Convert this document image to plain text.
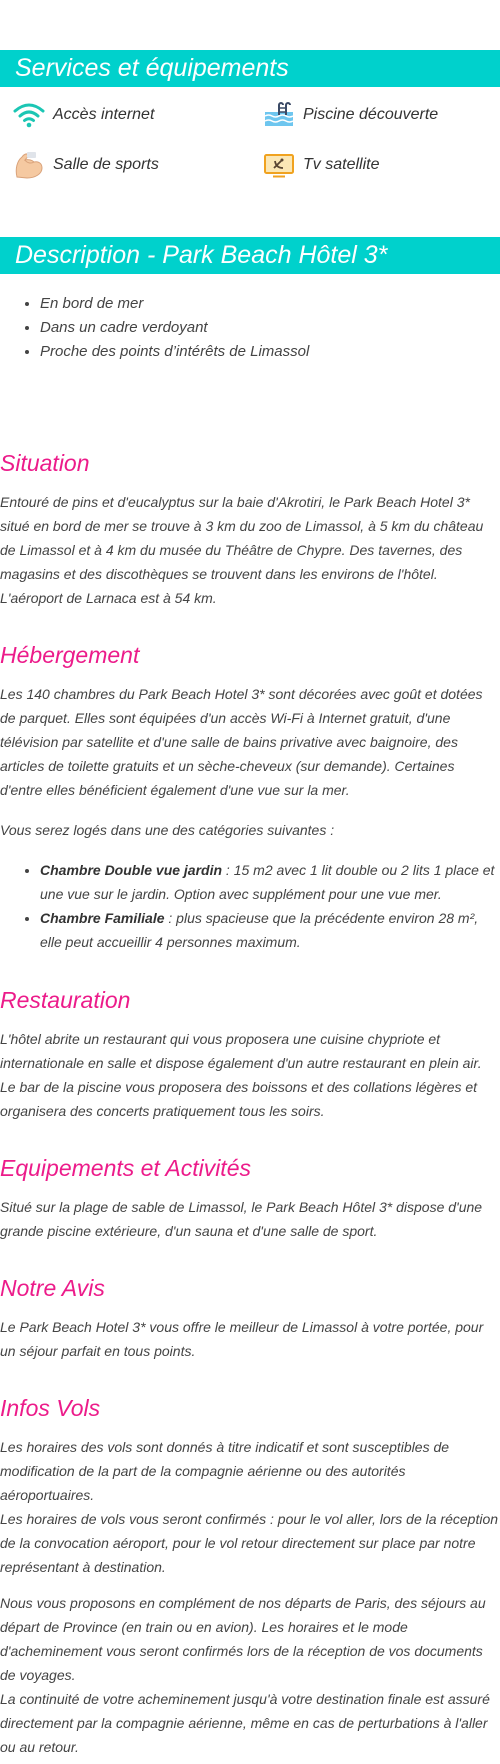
Services et équipements
Accès internet	Piscine découverte
Salle de sports	Tv satellite
Description - Park Beach Hôtel 3*
• En bord de mer
• Dans un cadre verdoyant
• Proche des points d’intérêts de Limassol
Situation

Entouré de pins et d'eucalyptus sur la baie d'Akrotiri, le Park Beach Hotel 3* situé en bord de mer se trouve à 3 km du zoo de Limassol, à 5 km du château de Limassol et à 4 km du musée du Théâtre de Chypre. Des tavernes, des magasins et des discothèques se trouvent dans les environs de l'hôtel. L'aéroport de Larnaca est à 54 km.

Hébergement

Les 140 chambres du Park Beach Hotel 3* sont décorées avec goût et dotées de parquet. Elles sont équipées d'un accès Wi-Fi à Internet gratuit, d'une télévision par satellite et d'une salle de bains privative avec baignoire, des articles de toilette gratuits et un sèche-cheveux (sur demande). Certaines d'entre elles bénéficient également d'une vue sur la mer.

Vous serez logés dans une des catégories suivantes :

• Chambre Double vue jardin : 15 m2 avec 1 lit double ou 2 lits 1 place et une vue sur le jardin. Option avec supplément pour une vue mer.
• Chambre Familiale : plus spacieuse que la précédente environ 28 m², elle peut accueillir 4 personnes maximum.
Restauration

L'hôtel abrite un restaurant qui vous proposera une cuisine chypriote et internationale en salle et dispose également d'un autre restaurant en plein air. Le bar de la piscine vous proposera des boissons et des collations légères et organisera des concerts pratiquement tous les soirs.

Equipements et Activités

Situé sur la plage de sable de Limassol, le Park Beach Hôtel 3* dispose d'une grande piscine extérieure, d'un sauna et d'une salle de sport.

Notre Avis

Le Park Beach Hotel 3* vous offre le meilleur de Limassol à votre portée, pour un séjour parfait en tous points.

Infos Vols

Les horaires des vols sont donnés à titre indicatif et sont susceptibles de modification de la part de la compagnie aérienne ou des autorités aéroportuaires.

Les horaires de vols vous seront confirmés : pour le vol aller, lors de la réception de la convocation aéroport, pour le vol retour directement sur place par notre représentant à destination.

Nous vous proposons en complément de nos départs de Paris, des séjours au départ de Province (en train ou en avion). Les horaires et le mode d'acheminement vous seront confirmés lors de la réception de vos documents de voyages.

La continuité de votre acheminement jusqu'à votre destination finale est assuré directement par la compagnie aérienne, même en cas de perturbations à l'aller ou au retour.
